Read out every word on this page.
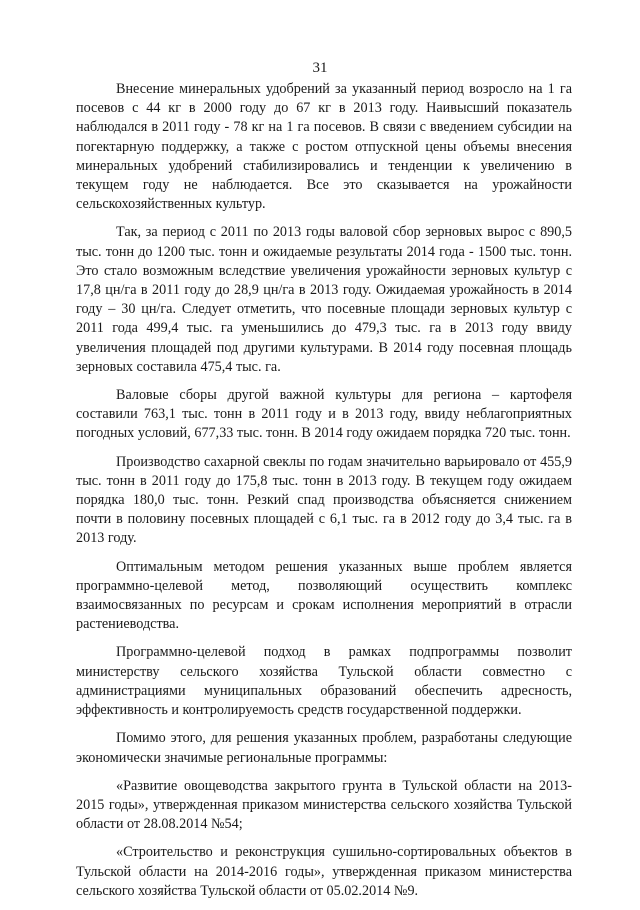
31

Внесение минеральных удобрений за указанный период возросло на 1 га посевов с 44 кг в 2000 году до 67 кг в 2013 году. Наивысший показатель наблюдался в 2011 году - 78 кг на 1 га посевов. В связи с введением субсидии на погектарную поддержку, а также с ростом отпускной цены объемы внесения минеральных удобрений стабилизировались и тенденции к увеличению в текущем году не наблюдается. Все это сказывается на урожайности сельскохозяйственных культур.

Так, за период с 2011 по 2013 годы валовой сбор зерновых вырос с 890,5 тыс. тонн до 1200 тыс. тонн и ожидаемые результаты 2014 года - 1500 тыс. тонн. Это стало возможным вследствие увеличения урожайности зерновых культур с 17,8 цн/га в 2011 году до 28,9 цн/га в 2013 году. Ожидаемая урожайность в 2014 году – 30 цн/га. Следует отметить, что посевные площади зерновых культур с 2011 года 499,4 тыс. га уменьшились до 479,3 тыс. га в 2013 году ввиду увеличения площадей под другими культурами. В 2014 году посевная площадь зерновых составила 475,4 тыс. га.

Валовые сборы другой важной культуры для региона – картофеля составили 763,1 тыс. тонн в 2011 году и в 2013 году, ввиду неблагоприятных погодных условий, 677,33 тыс. тонн. В 2014 году ожидаем порядка 720 тыс. тонн.

Производство сахарной свеклы по годам значительно варьировало от 455,9 тыс. тонн в 2011 году до 175,8 тыс. тонн в 2013 году. В текущем году ожидаем порядка 180,0 тыс. тонн. Резкий спад производства объясняется снижением почти в половину посевных площадей с 6,1 тыс. га в 2012 году до 3,4 тыс. га в 2013 году.

Оптимальным методом решения указанных выше проблем является программно-целевой метод, позволяющий осуществить комплекс взаимосвязанных по ресурсам и срокам исполнения мероприятий в отрасли растениеводства.

Программно-целевой подход в рамках подпрограммы позволит министерству сельского хозяйства Тульской области совместно с администрациями муниципальных образований обеспечить адресность, эффективность и контролируемость средств государственной поддержки.

Помимо этого, для решения указанных проблем, разработаны следующие экономически значимые региональные программы:

«Развитие овощеводства закрытого грунта в Тульской области на 2013-2015 годы», утвержденная приказом министерства сельского хозяйства Тульской области от 28.08.2014 №54;

«Строительство и реконструкция сушильно-сортировальных объектов в Тульской области на 2014-2016 годы», утвержденная приказом министерства сельского хозяйства Тульской области от 05.02.2014 №9.
